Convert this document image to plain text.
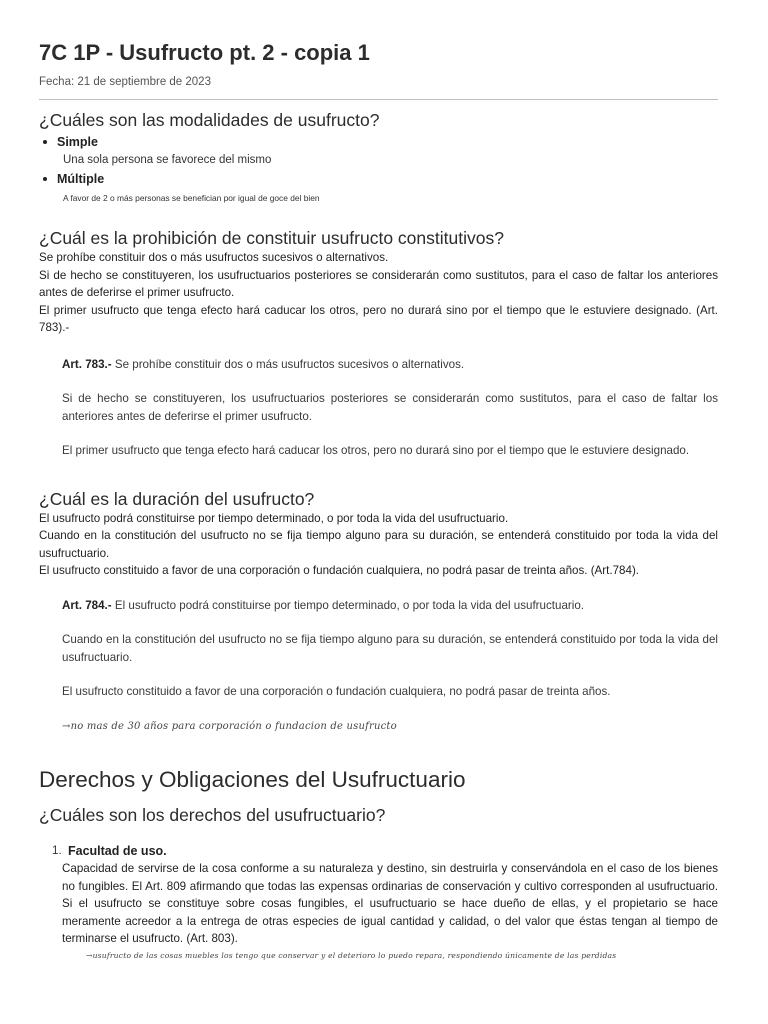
7C 1P - Usufructo pt. 2 - copia 1
Fecha: 21 de septiembre de 2023
¿Cuáles son las modalidades de usufructo?
Simple
Una sola persona se favorece del mismo
Múltiple
A favor de 2 o más personas se benefician por igual de goce del bien
¿Cuál es la prohibición de constituir usufructo constitutivos?

Se prohíbe constituir dos o más usufructos sucesivos o alternativos.

Si de hecho se constituyeren, los usufructuarios posteriores se considerarán como sustitutos, para el caso de faltar los anteriores antes de deferirse el primer usufructo.

El primer usufructo que tenga efecto hará caducar los otros, pero no durará sino por el tiempo que le estuviere designado. (Art. 783).-

Art. 783.- Se prohíbe constituir dos o más usufructos sucesivos o alternativos.

Si de hecho se constituyeren, los usufructuarios posteriores se considerarán como sustitutos, para el caso de faltar los anteriores antes de deferirse el primer usufructo.

El primer usufructo que tenga efecto hará caducar los otros, pero no durará sino por el tiempo que le estuviere designado.

¿Cuál es la duración del usufructo?

El usufructo podrá constituirse por tiempo determinado, o por toda la vida del usufructuario.

Cuando en la constitución del usufructo no se fija tiempo alguno para su duración, se entenderá constituido por toda la vida del usufructuario.

El usufructo constituido a favor de una corporación o fundación cualquiera, no podrá pasar de treinta años. (Art.784).

Art. 784.- El usufructo podrá constituirse por tiempo determinado, o por toda la vida del usufructuario.

Cuando en la constitución del usufructo no se fija tiempo alguno para su duración, se entenderá constituido por toda la vida del usufructuario.

El usufructo constituido a favor de una corporación o fundación cualquiera, no podrá pasar de treinta años.

→no mas de 30 años para corporación o fundacion de usufructo

Derechos y Obligaciones del Usufructuario
¿Cuáles son los derechos del usufructuario?
1. Facultad de uso.

Capacidad de servirse de la cosa conforme a su naturaleza y destino, sin destruirla y conservándola en el caso de los bienes no fungibles. El Art. 809 afirmando que todas las expensas ordinarias de conservación y cultivo corresponden al usufructuario. Si el usufructo se constituye sobre cosas fungibles, el usufructuario se hace dueño de ellas, y el propietario se hace meramente acreedor a la entrega de otras especies de igual cantidad y calidad, o del valor que éstas tengan al tiempo de terminarse el usufructo. (Art. 803).

→usufructo de las cosas muebles los tengo que conservar y el deterioro lo puedo repara, respondiendo únicamente de las perdidas
